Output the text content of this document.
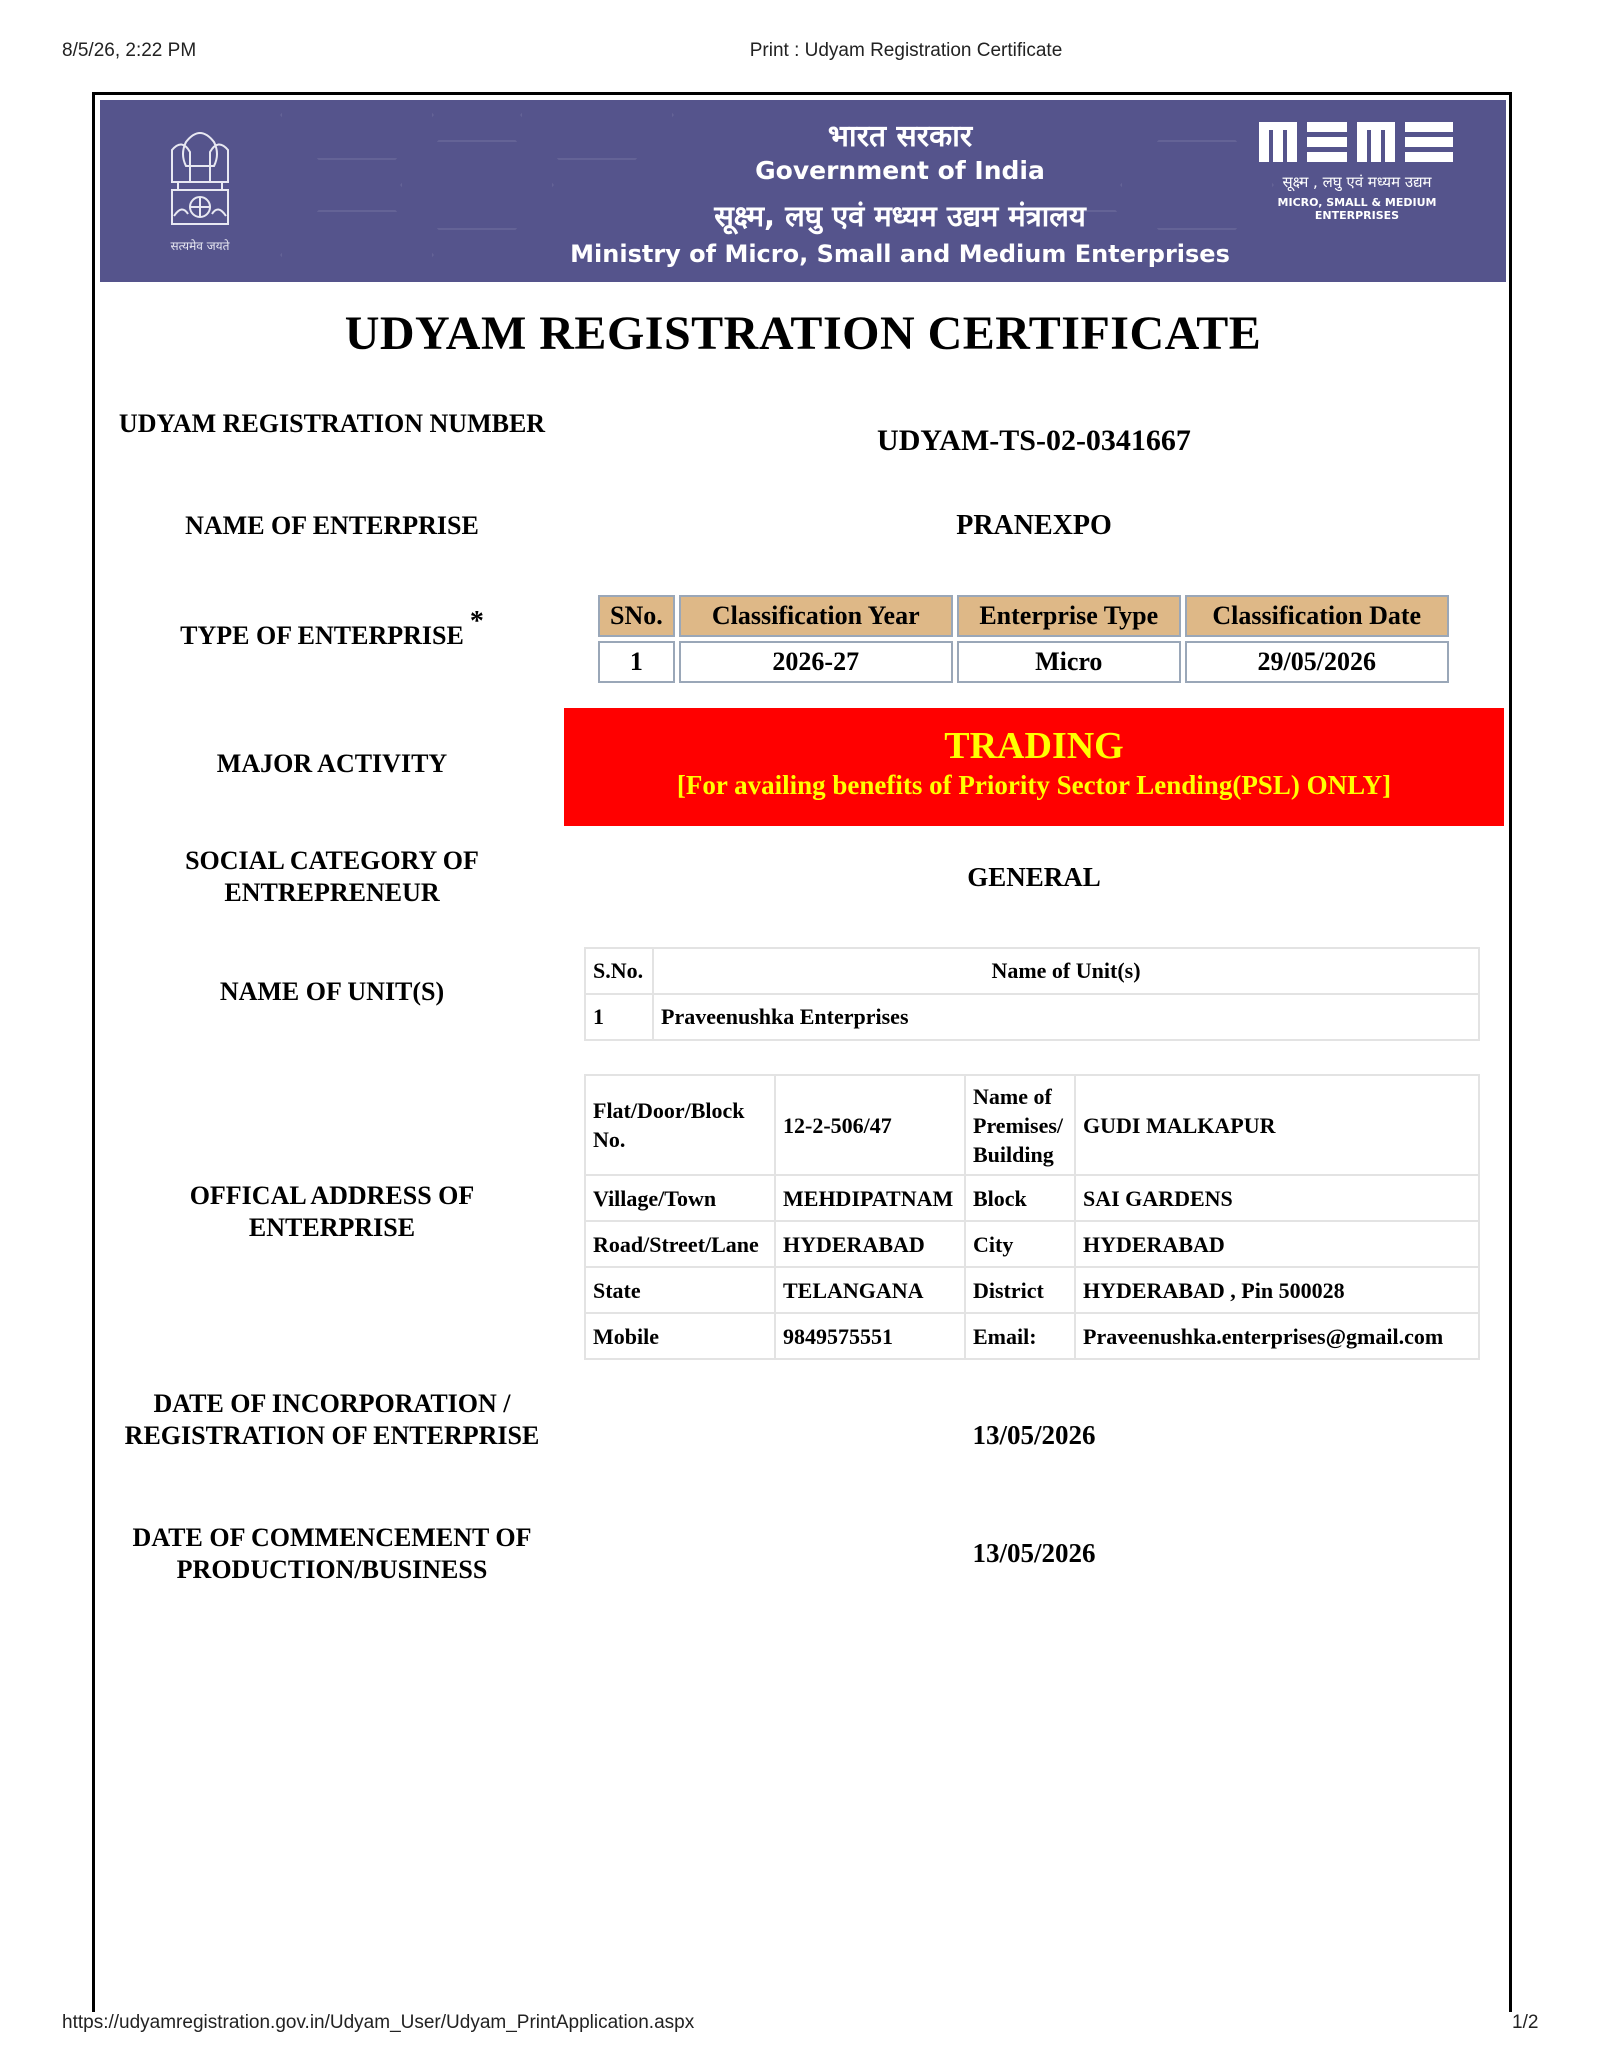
8/5/26, 2:22 PM	Print : Udyam Registration Certificate
https://udyamregistration.gov.in/Udyam_User/Udyam_PrintApplication.aspx	1/2
सत्यमेव जयते
भारत सरकार
Government of India
सूक्ष्म, लघु एवं मध्यम उद्यम मंत्रालय
Ministry of Micro, Small and Medium Enterprises
सूक्ष्म , लघु एवं मध्यम उद्यम
MICRO, SMALL & MEDIUM ENTERPRISES
UDYAM REGISTRATION CERTIFICATE
UDYAM REGISTRATION NUMBER
UDYAM-TS-02-0341667
NAME OF ENTERPRISE	PRANEXPO
TYPE OF ENTERPRISE *	SNo.	Classification Year	Enterprise Type	Classification Date
1	2026-27	Micro	29/05/2026
MAJOR ACTIVITY	TRADING
[For availing benefits of Priority Sector Lending(PSL) ONLY]
SOCIAL CATEGORY OF ENTREPRENEUR
GENERAL
NAME OF UNIT(S)
S.No.	Name of Unit(s)
1	Praveenushka Enterprises
OFFICAL ADDRESS OF ENTERPRISE
Flat/Door/Block No.	12-2-506/47	Name of Premises/ Building	GUDI MALKAPUR
Village/Town	MEHDIPATNAM	Block	SAI GARDENS
Road/Street/Lane	HYDERABAD	City	HYDERABAD
State	TELANGANA	District	HYDERABAD , Pin 500028
Mobile	9849575551	Email:	Praveenushka.enterprises@gmail.com
DATE OF INCORPORATION / REGISTRATION OF ENTERPRISE	13/05/2026
DATE OF COMMENCEMENT OF PRODUCTION/BUSINESS
13/05/2026
